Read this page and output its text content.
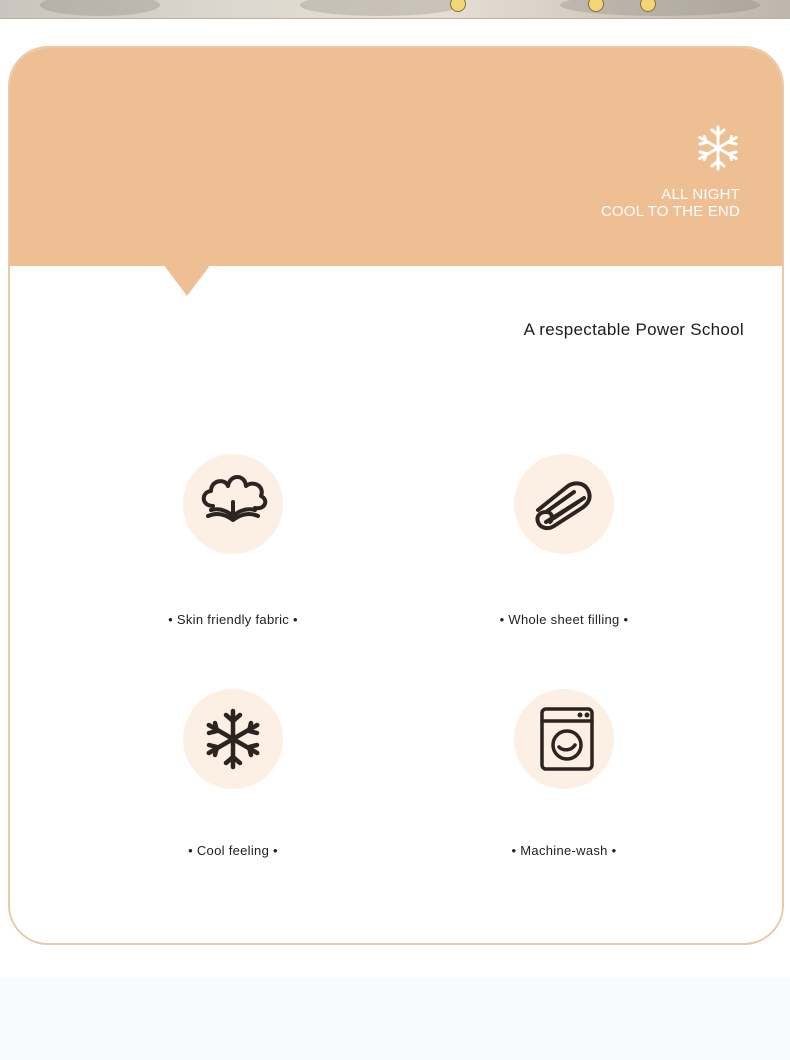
ALL NIGHT
COOL TO THE END
A respectable Power School
• Skin friendly fabric •	• Whole sheet filling •
• Cool feeling •	• Machine-wash •
